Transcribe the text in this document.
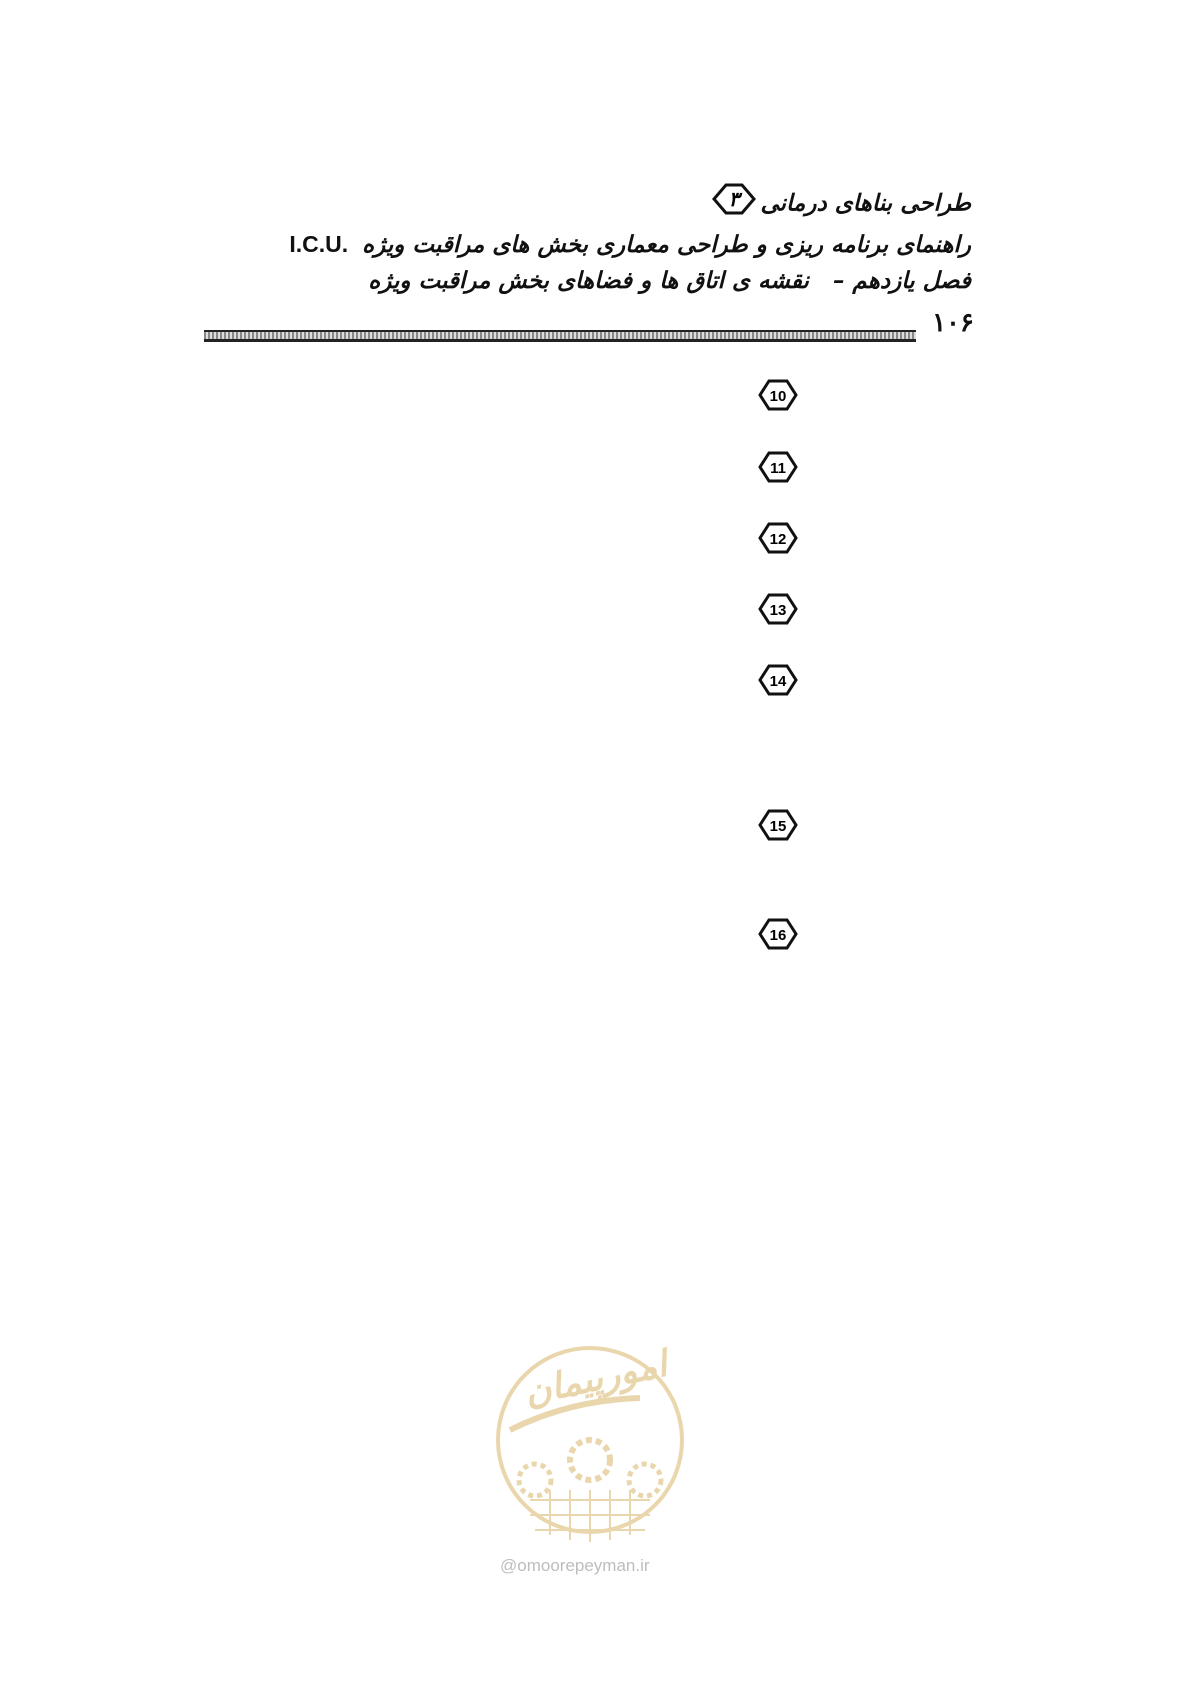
طراحی بناهای درمانی
۳
راهنمای برنامه ریزی و طراحی معماری بخش های مراقبت ویژهI.C.U.
فصل یازدهم –نقشه ی اتاق ها و فضاهای بخش مراقبت ویژه
۱۰۶
10
11
12
13
14
15
16
امورپیمان
@omoorepeyman.ir
